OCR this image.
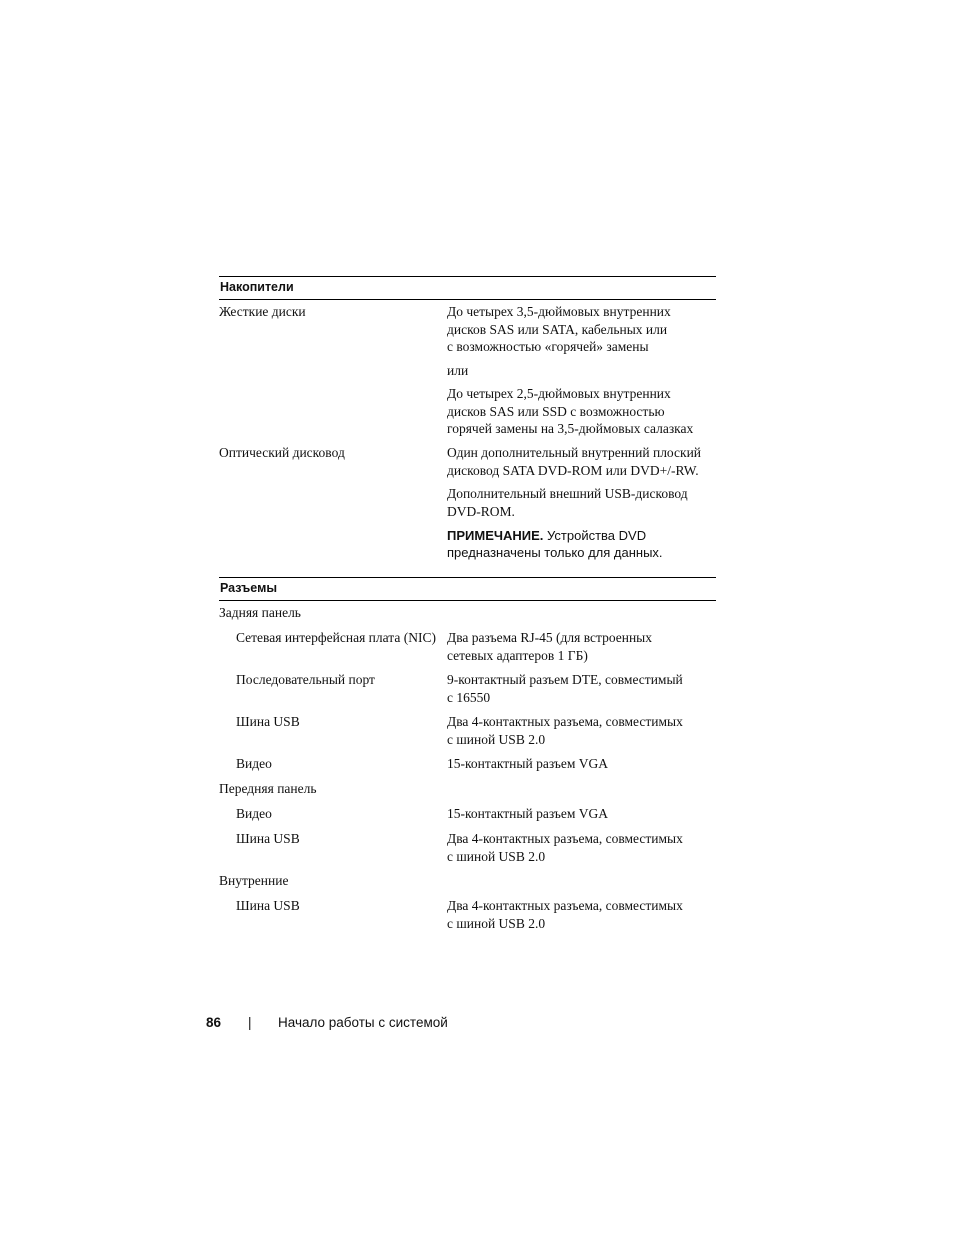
Накопители
Жесткие диски	До четырех 3,5-дюймовых внутренних

дисков SAS или SATA, кабельных или

с возможностью «горячей» замены

или

До четырех 2,5-дюймовых внутренних

дисков SAS или SSD с возможностью

горячей замены на 3,5-дюймовых салазках

Оптический дисковод	Один дополнительный внутренний плоский

дисковод SATA DVD-ROM или DVD+/-RW.

Дополнительный внешний USB-дисковод

DVD-ROM.

ПРИМЕЧАНИЕ. Устройства DVD
предназначены только для данных.
Разъемы
Задняя панель
Сетевая интерфейсная плата (NIC) Два разъема RJ-45 (для встроенных

сетевых адаптеров 1 ГБ)

Последовательный порт	9-контактный разъем DTE, совместимый

с 16550

Шина USB	Два 4-контактных разъема, совместимых

с шиной USB 2.0

Видео	15-контактный разъем VGA
Передняя панель
Видео	15-контактный разъем VGA
Шина USB	Два 4-контактных разъема, совместимых

с шиной USB 2.0

Внутренние
Шина USB	Два 4-контактных разъема, совместимых

с шиной USB 2.0

86 | Начало работы с системой
